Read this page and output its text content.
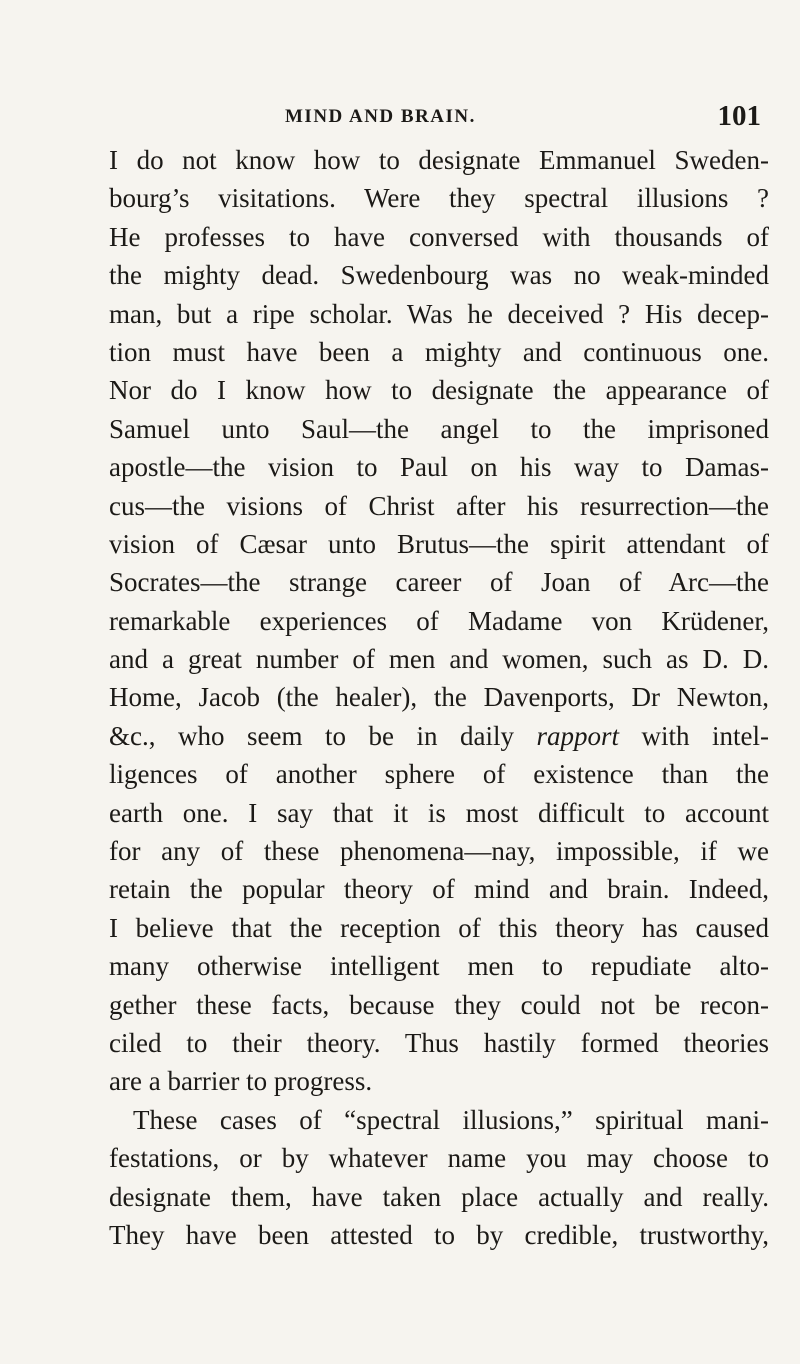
MIND AND BRAIN.	101
I do not know how to designate Emmanuel Sweden-
bourg’s visitations. Were they spectral illusions ?
He professes to have conversed with thousands of
the mighty dead. Swedenbourg was no weak-minded
man, but a ripe scholar. Was he deceived ? His decep-
tion must have been a mighty and continuous one.
Nor do I know how to designate the appearance of
Samuel unto Saul—the angel to the imprisoned
apostle—the vision to Paul on his way to Damas-
cus—the visions of Christ after his resurrection—the
vision of Cæsar unto Brutus—the spirit attendant of
Socrates—the strange career of Joan of Arc—the
remarkable experiences of Madame von Krüdener,
and a great number of men and women, such as D. D.
Home, Jacob (the healer), the Davenports, Dr Newton,
&c., who seem to be in daily rapport with intel-
ligences of another sphere of existence than the
earth one. I say that it is most difficult to account
for any of these phenomena—nay, impossible, if we
retain the popular theory of mind and brain. Indeed,
I believe that the reception of this theory has caused
many otherwise intelligent men to repudiate alto-
gether these facts, because they could not be recon-
ciled to their theory. Thus hastily formed theories
are a barrier to progress.
These cases of “spectral illusions,” spiritual mani-
festations, or by whatever name you may choose to
designate them, have taken place actually and really.
They have been attested to by credible, trustworthy,
